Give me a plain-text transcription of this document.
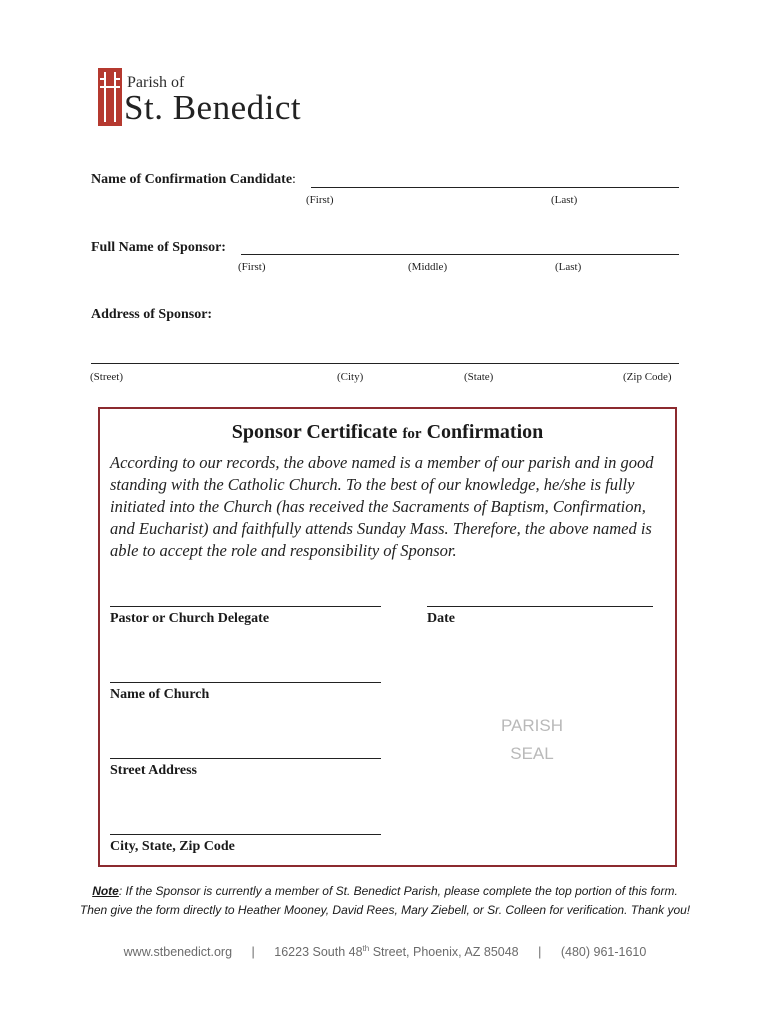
Parish of
St. Benedict
Name of Confirmation Candidate:
(First)	(Last)
Full Name of Sponsor:
(First)	(Middle)	(Last)
Address of Sponsor:
(Street)	(City)	(State)	(Zip Code)
Sponsor Certificate for Confirmation
According to our records, the above named is a member of our parish and in good standing with the Catholic Church. To the best of our knowledge, he/she is fully initiated into the Church (has received the Sacraments of Baptism, Confirmation, and Eucharist) and faithfully attends Sunday Mass. Therefore, the above named is able to accept the role and responsibility of Sponsor.
Pastor or Church Delegate	Date
Name of Church
PARISH
SEAL
Street Address
City, State, Zip Code
Note: If the Sponsor is currently a member of St. Benedict Parish, please complete the top portion of this form.
Then give the form directly to Heather Mooney, David Rees, Mary Ziebell, or Sr. Colleen for verification. Thank you!
www.stbenedict.org | 16223 South 48th Street, Phoenix, AZ 85048 | (480) 961-1610
